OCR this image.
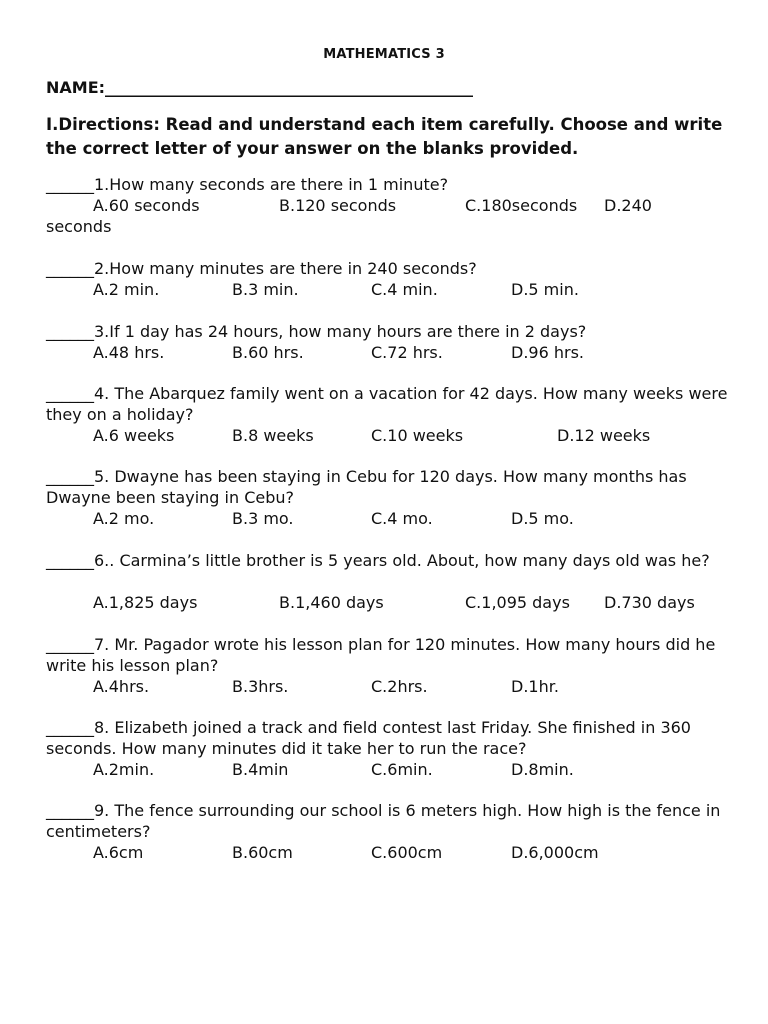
MATHEMATICS 3
NAME:______________________________________________
I.Directions: Read and understand each item carefully. Choose and write the correct letter of your answer on the blanks provided.
______1.How many seconds are there in 1 minute?
A.60 seconds	B.120 seconds	C.180seconds D.240
seconds
______2.How many minutes are there in 240 seconds?
A.2 min.	B.3 min.	C.4 min.	D.5 min.
______3.If 1 day has 24 hours, how many hours are there in 2 days?
A.48 hrs.	B.60 hrs.	C.72 hrs.	D.96 hrs.
______4. The Abarquez family went on a vacation for 42 days. How many weeks were they on a holiday?
A.6 weeks	B.8 weeks	C.10 weeks	D.12 weeks
______5. Dwayne has been staying in Cebu for 120 days. How many months has Dwayne been staying in Cebu?
A.2 mo.	B.3 mo.	C.4 mo.	D.5 mo.
______6.. Carmina’s little brother is 5 years old. About, how many days old was he?
A.1,825 days	B.1,460 days	C.1,095 days D.730 days
______7. Mr. Pagador wrote his lesson plan for 120 minutes. How many hours did he write his lesson plan?
A.4hrs.	B.3hrs.	C.2hrs.	D.1hr.
______8. Elizabeth joined a track and field contest last Friday. She finished in 360 seconds. How many minutes did it take her to run the race?
A.2min.	B.4min	C.6min.	D.8min.
______9. The fence surrounding our school is 6 meters high. How high is the fence in centimeters?
A.6cm	B.60cm	C.600cm	D.6,000cm
